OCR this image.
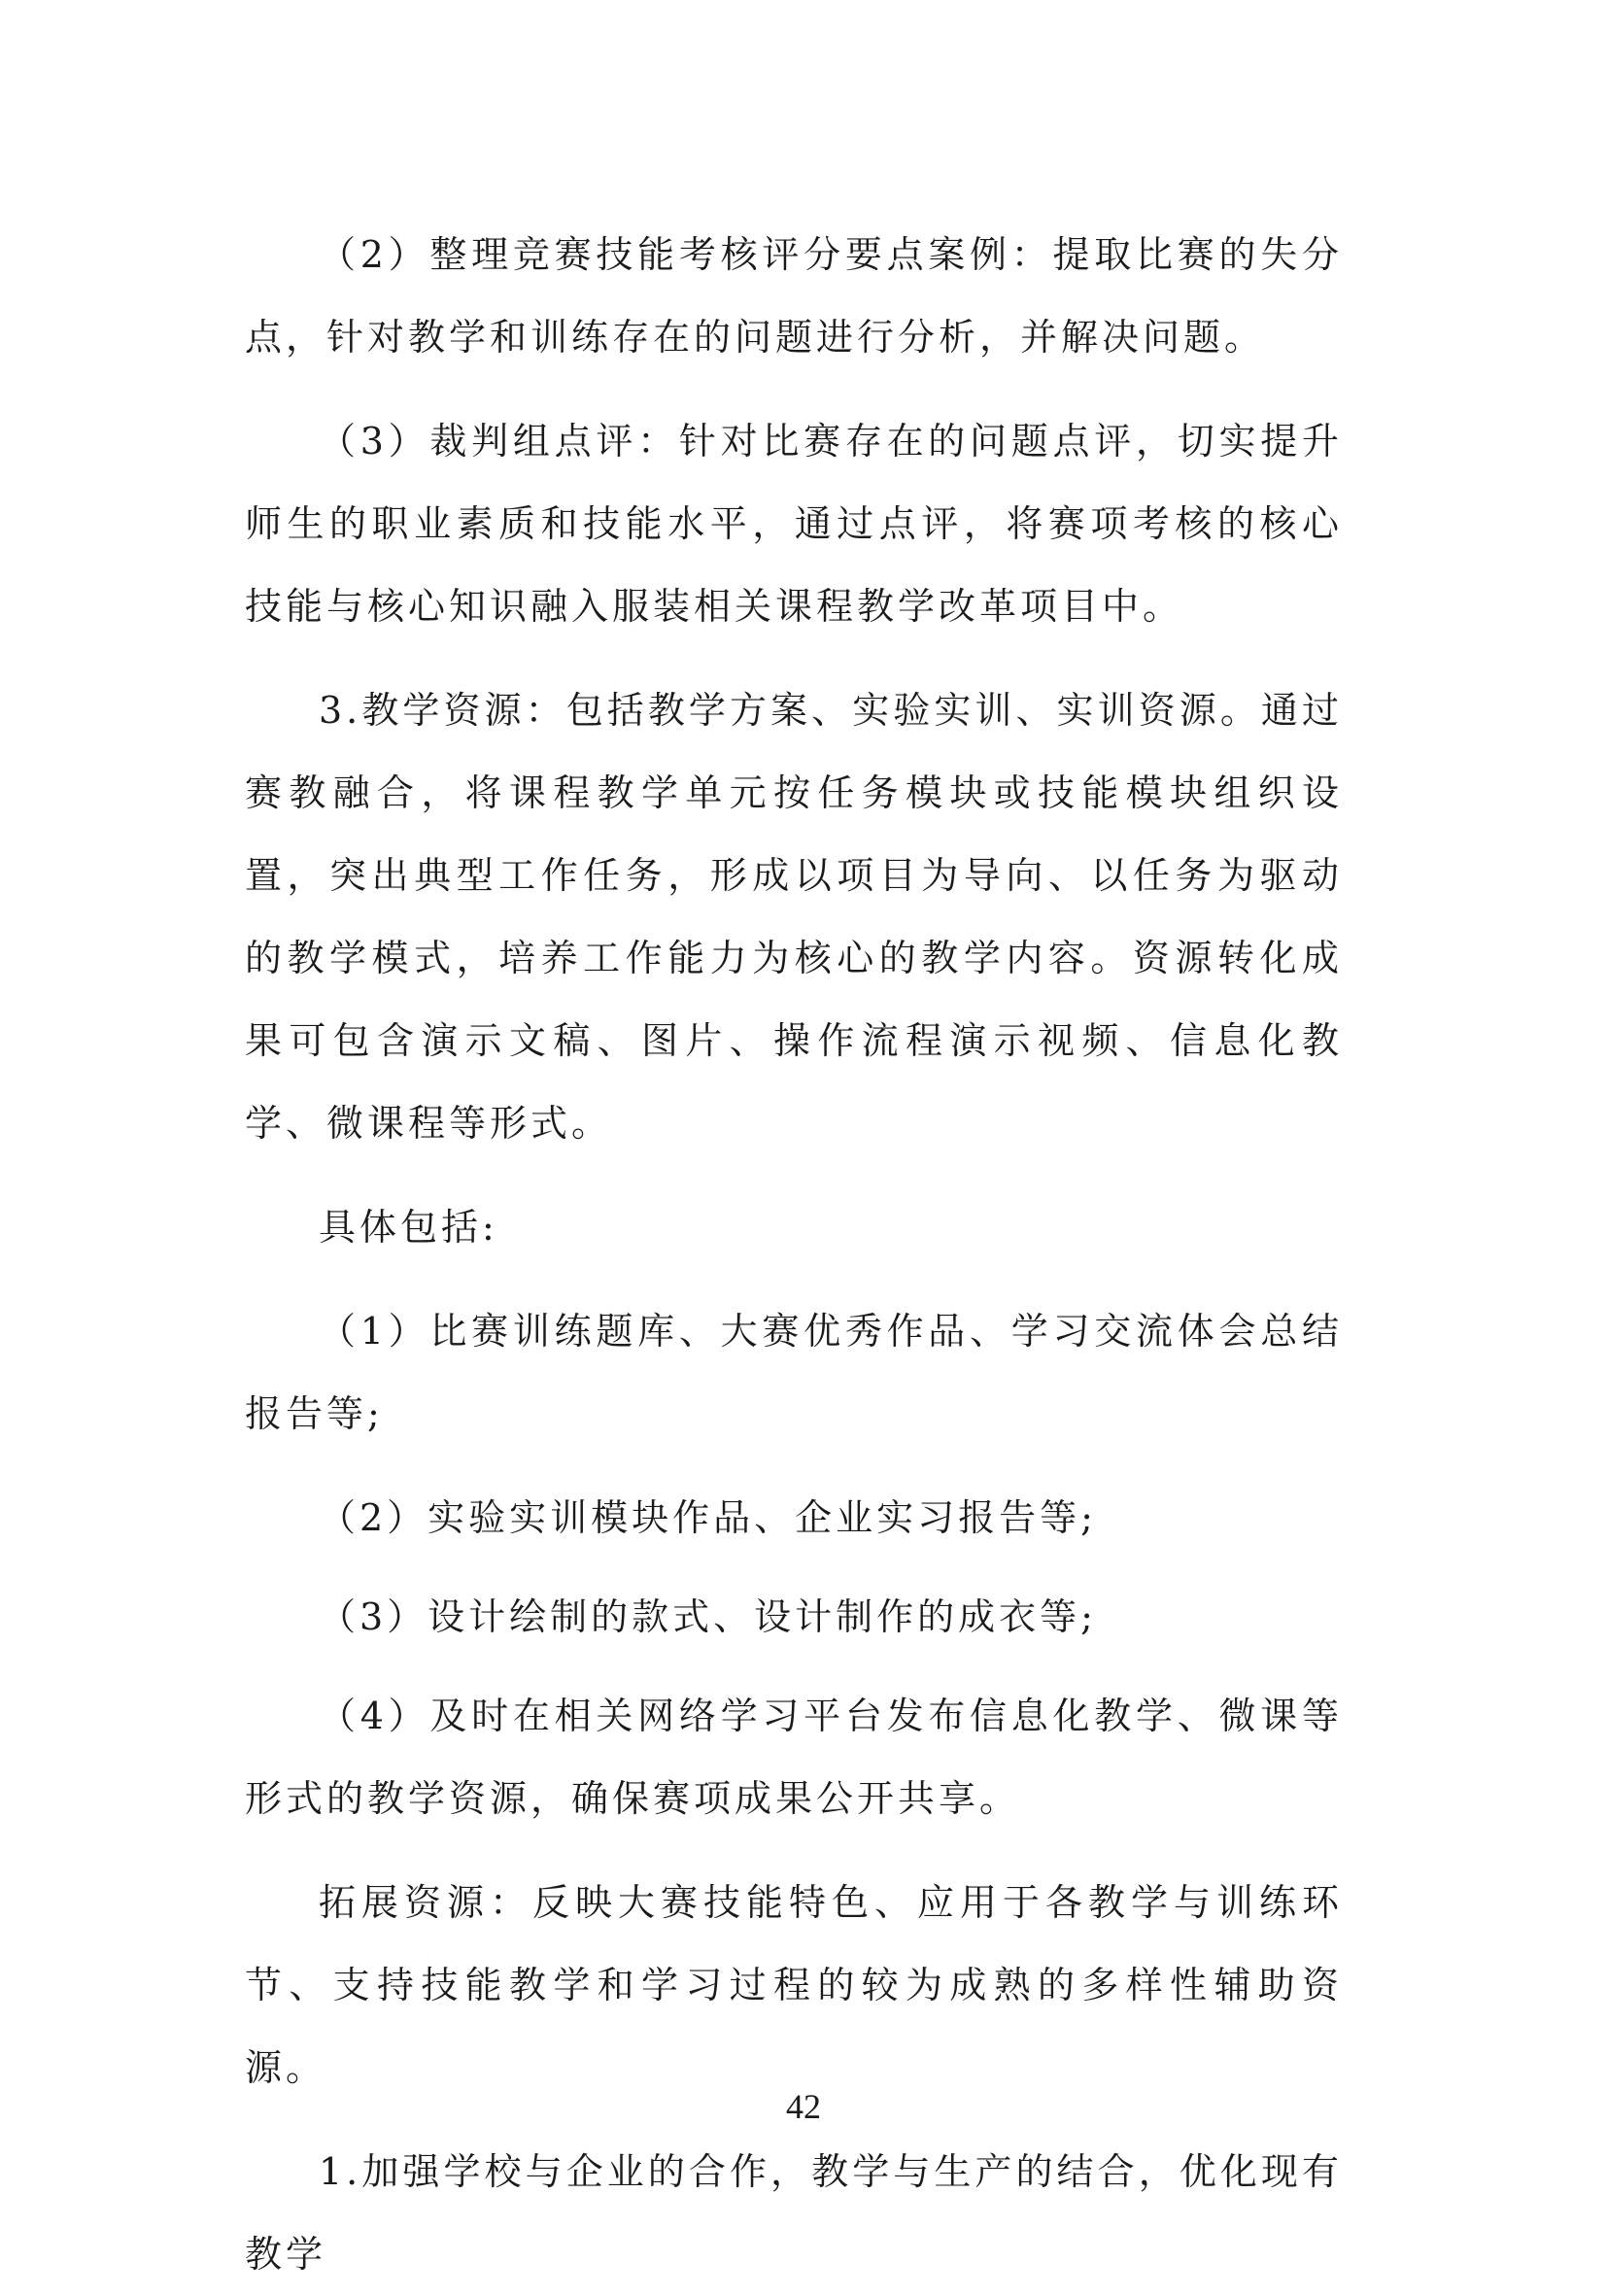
（2）整理竞赛技能考核评分要点案例：提取比赛的失分点，针对教学和训练存在的问题进行分析，并解决问题。

（3）裁判组点评：针对比赛存在的问题点评，切实提升师生的职业素质和技能水平，通过点评，将赛项考核的核心技能与核心知识融入服装相关课程教学改革项目中。

3.教学资源：包括教学方案、实验实训、实训资源。通过赛教融合，将课程教学单元按任务模块或技能模块组织设置，突出典型工作任务，形成以项目为导向、以任务为驱动的教学模式，培养工作能力为核心的教学内容。资源转化成果可包含演示文稿、图片、操作流程演示视频、信息化教学、微课程等形式。

具体包括:

（1）比赛训练题库、大赛优秀作品、学习交流体会总结报告等;

（2）实验实训模块作品、企业实习报告等;

（3）设计绘制的款式、设计制作的成衣等;

（4）及时在相关网络学习平台发布信息化教学、微课等形式的教学资源，确保赛项成果公开共享。

拓展资源：反映大赛技能特色、应用于各教学与训练环节、支持技能教学和学习过程的较为成熟的多样性辅助资源。

1.加强学校与企业的合作，教学与生产的结合，优化现有教学

42
